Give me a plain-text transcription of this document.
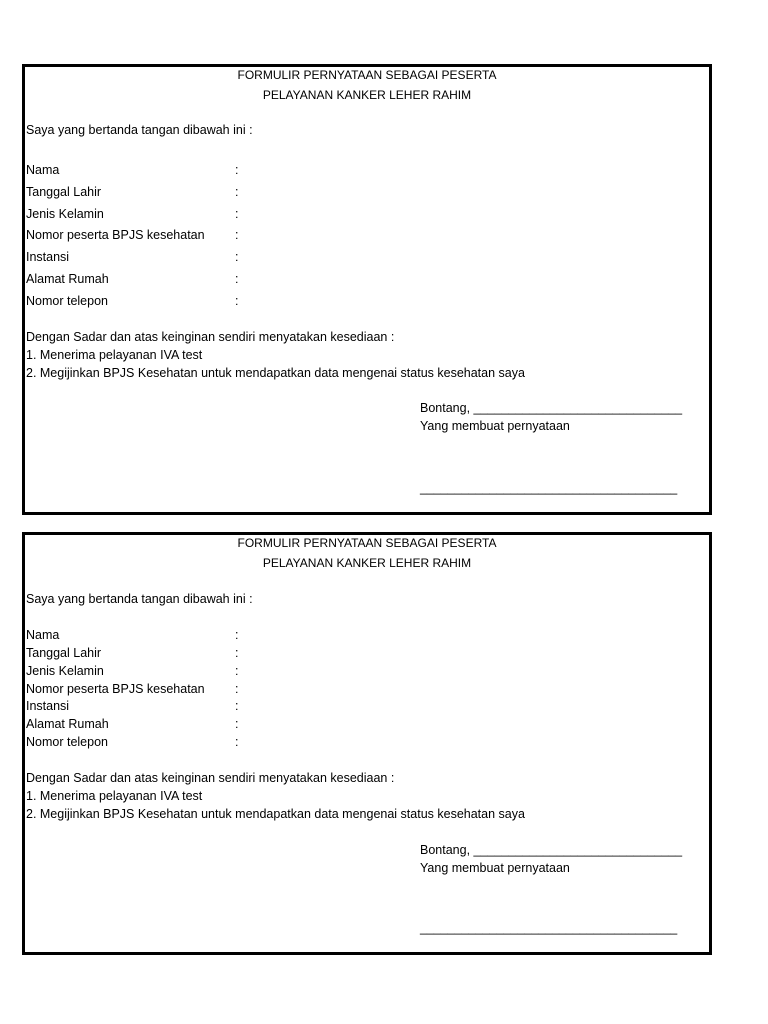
FORMULIR PERNYATAAN SEBAGAI PESERTA
PELAYANAN KANKER LEHER RAHIM
Saya yang bertanda tangan dibawah ini :
Nama	:
Tanggal Lahir	:
Jenis Kelamin	:
Nomor peserta BPJS kesehatan :
Instansi	:
Alamat Rumah	:
Nomor telepon	:
Dengan Sadar dan atas keinginan sendiri menyatakan kesediaan :
1. Menerima pelayanan IVA test
2. Megijinkan BPJS Kesehatan untuk mendapatkan data mengenai status kesehatan saya
Bontang, ______________________________
Yang membuat pernyataan
_____________________________________
FORMULIR PERNYATAAN SEBAGAI PESERTA
PELAYANAN KANKER LEHER RAHIM
Saya yang bertanda tangan dibawah ini :
Nama	:
Tanggal Lahir	:
Jenis Kelamin	:
Nomor peserta BPJS kesehatan :
Instansi	:
Alamat Rumah	:
Nomor telepon	:
Dengan Sadar dan atas keinginan sendiri menyatakan kesediaan :
1. Menerima pelayanan IVA test
2. Megijinkan BPJS Kesehatan untuk mendapatkan data mengenai status kesehatan saya
Bontang, ______________________________
Yang membuat pernyataan
_____________________________________
